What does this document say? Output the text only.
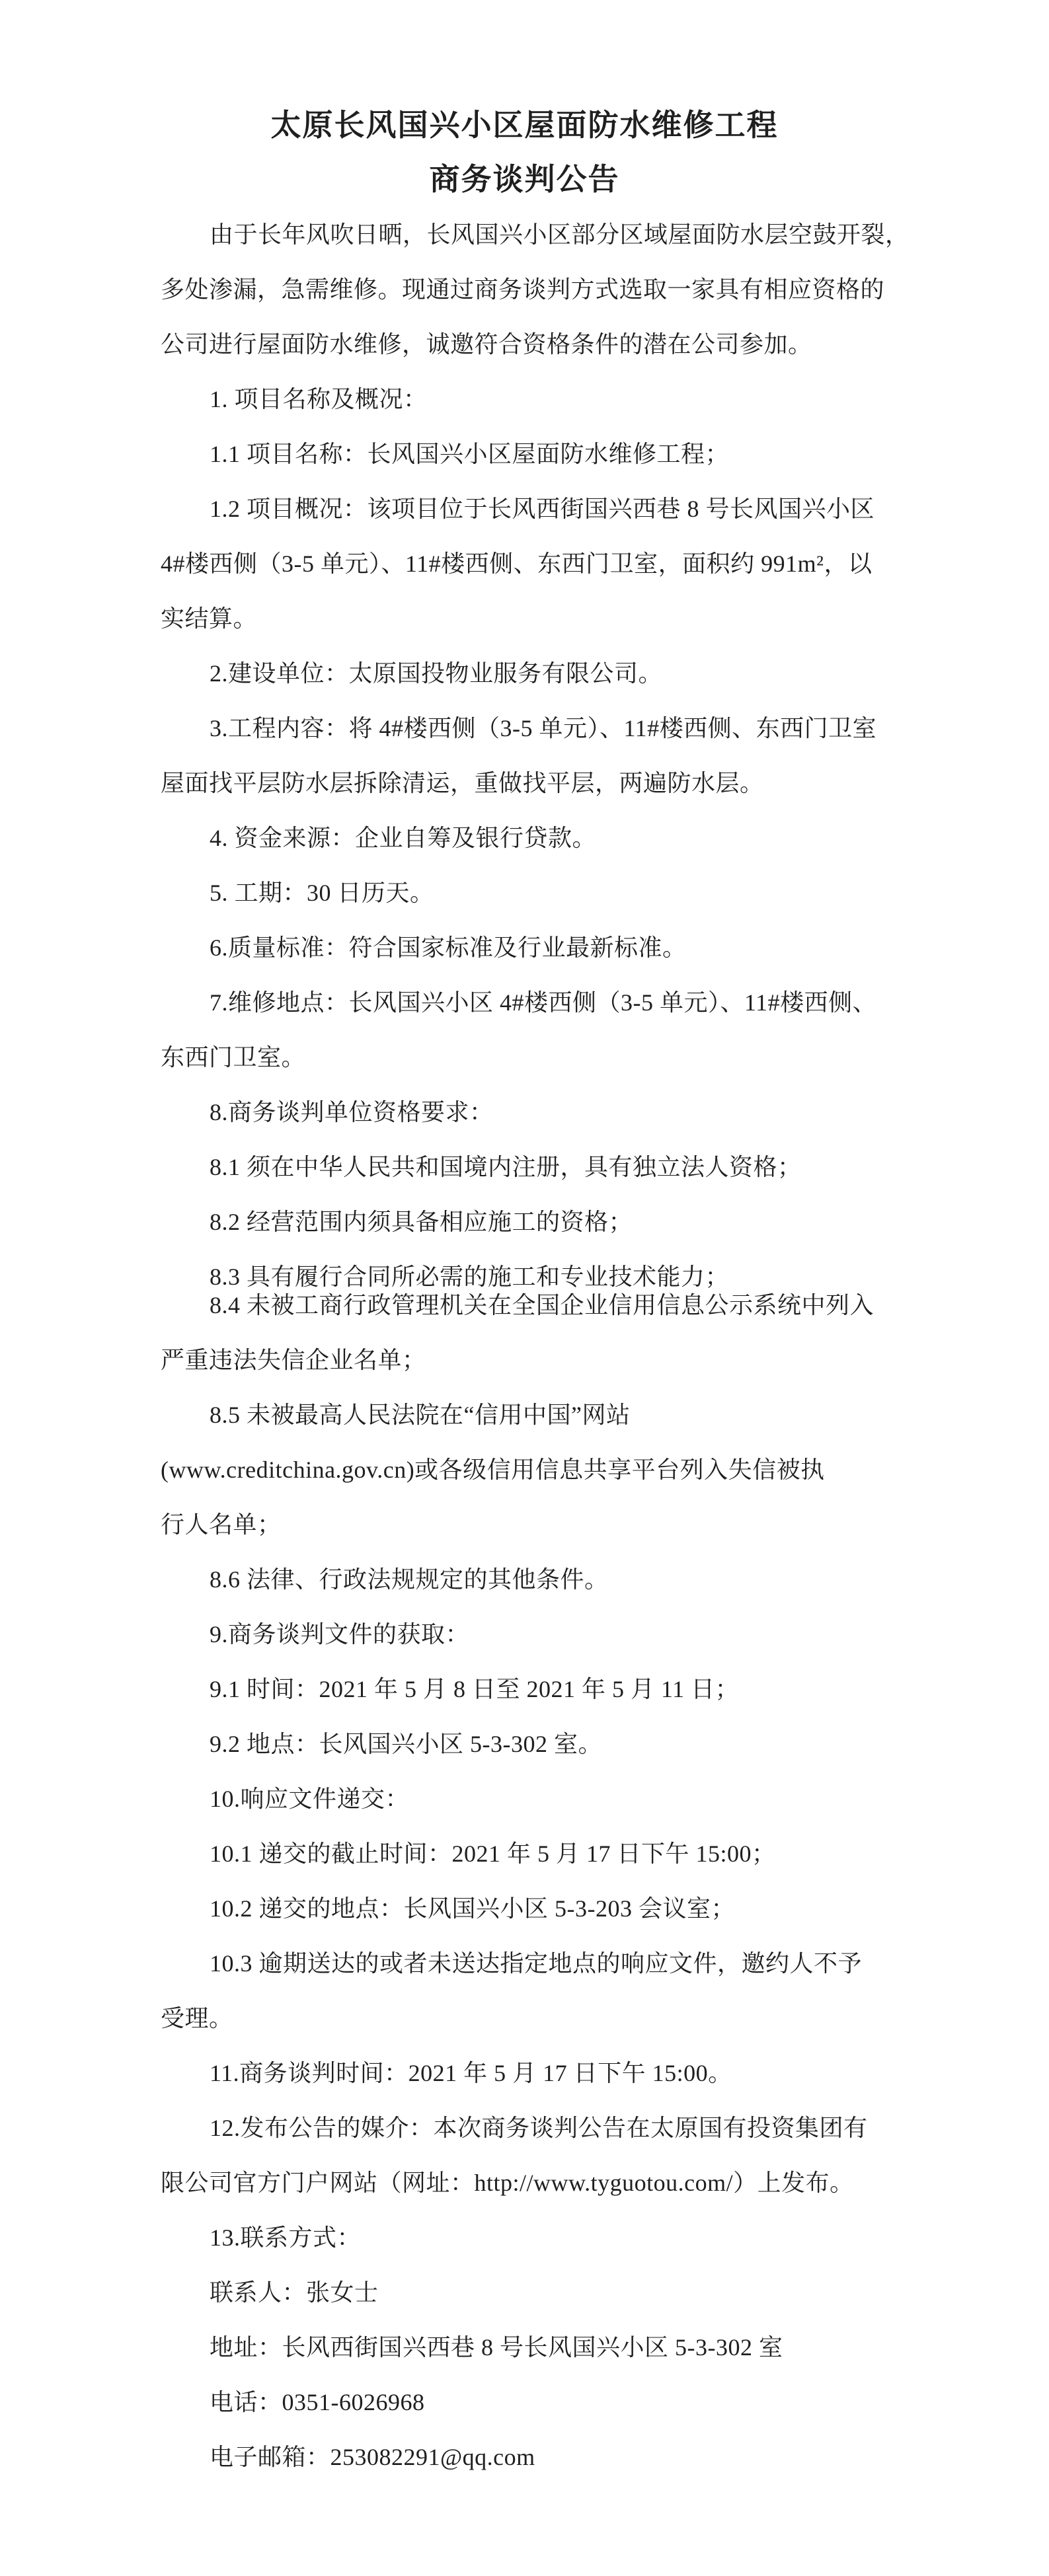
太原长风国兴小区屋面防水维修工程
商务谈判公告
由于长年风吹日晒，长风国兴小区部分区域屋面防水层空鼓开裂，
多处渗漏，急需维修。现通过商务谈判方式选取一家具有相应资格的
公司进行屋面防水维修，诚邀符合资格条件的潜在公司参加。
1. 项目名称及概况：
1.1 项目名称：长风国兴小区屋面防水维修工程；
1.2 项目概况：该项目位于长风西街国兴西巷 8 号长风国兴小区
4#楼西侧（3-5 单元）、11#楼西侧、东西门卫室，面积约 991m²，以
实结算。
2.建设单位：太原国投物业服务有限公司。
3.工程内容：将 4#楼西侧（3-5 单元）、11#楼西侧、东西门卫室
屋面找平层防水层拆除清运，重做找平层，两遍防水层。
4. 资金来源：企业自筹及银行贷款。
5. 工期：30 日历天。
6.质量标准：符合国家标准及行业最新标准。
7.维修地点：长风国兴小区 4#楼西侧（3-5 单元）、11#楼西侧、
东西门卫室。
8.商务谈判单位资格要求：
8.1 须在中华人民共和国境内注册，具有独立法人资格；
8.2 经营范围内须具备相应施工的资格；
8.3 具有履行合同所必需的施工和专业技术能力；
8.4 未被工商行政管理机关在全国企业信用信息公示系统中列入
严重违法失信企业名单；
8.5 未被最高人民法院在“信用中国”网站
(www.creditchina.gov.cn)或各级信用信息共享平台列入失信被执
行人名单；
8.6 法律、行政法规规定的其他条件。
9.商务谈判文件的获取：
9.1 时间：2021 年 5 月 8 日至 2021 年 5 月 11 日；
9.2 地点：长风国兴小区 5-3-302 室。
10.响应文件递交：
10.1 递交的截止时间：2021 年 5 月 17 日下午 15:00；
10.2 递交的地点：长风国兴小区 5-3-203 会议室；
10.3 逾期送达的或者未送达指定地点的响应文件，邀约人不予
受理。
11.商务谈判时间：2021 年 5 月 17 日下午 15:00。
12.发布公告的媒介：本次商务谈判公告在太原国有投资集团有
限公司官方门户网站（网址：http://www.tyguotou.com/）上发布。
13.联系方式：
联系人：张女士
地址：长风西街国兴西巷 8 号长风国兴小区 5-3-302 室
电话：0351-6026968
电子邮箱：253082291@qq.com
